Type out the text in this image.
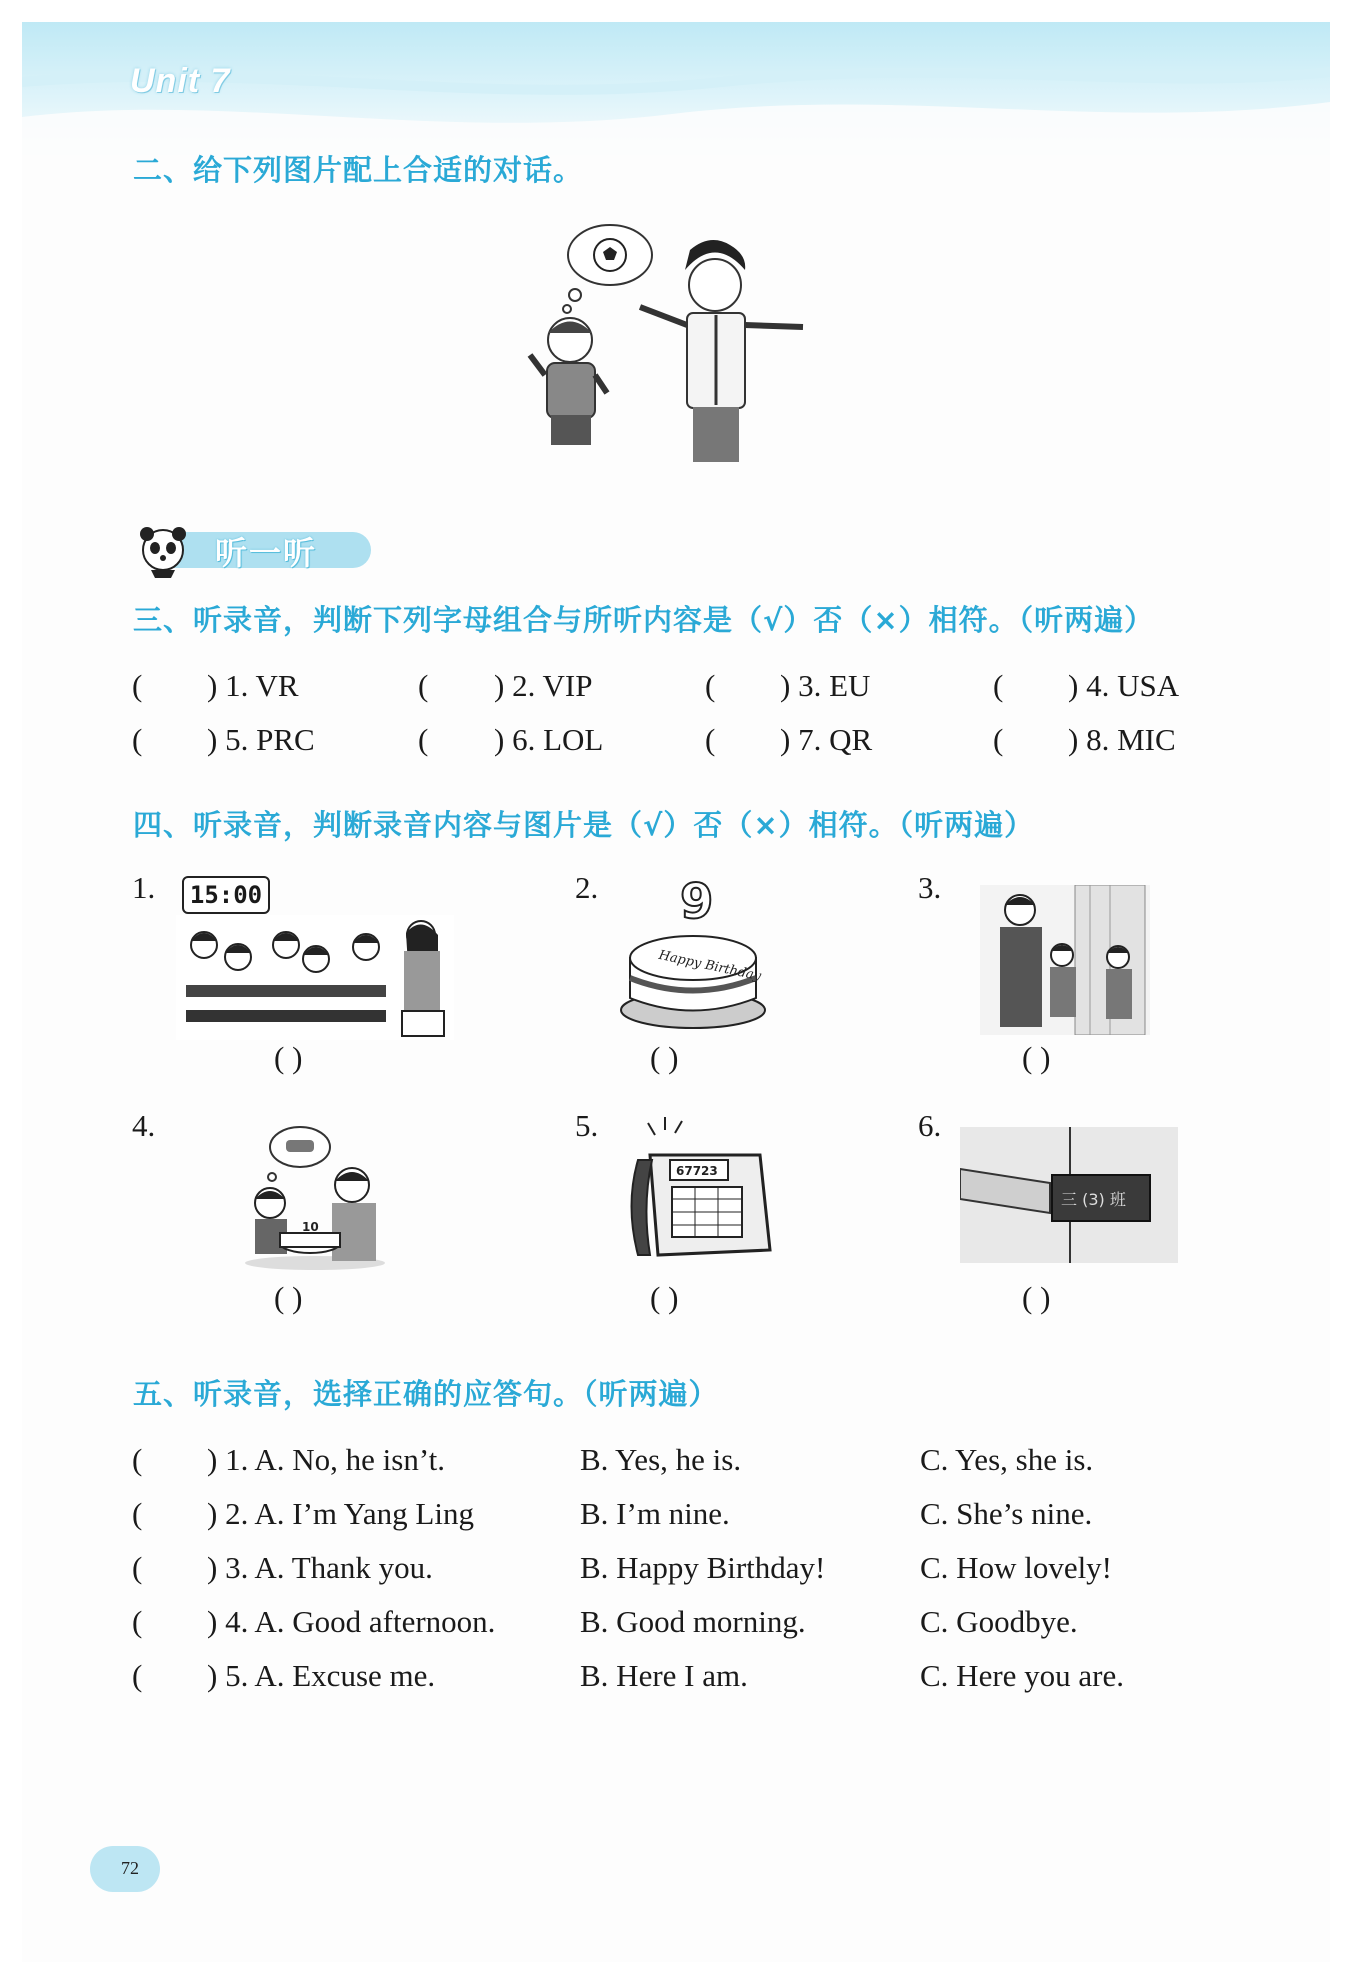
Unit 7
二、给下列图片配上合适的对话。
听一听
三、听录音，判断下列字母组合与所听内容是（√）否（×）相符。（听两遍）
( ) 1. VR	( ) 2. VIP	( ) 3. EU	( ) 4. USA
( ) 5. PRC	( ) 6. LOL	( ) 7. QR	( ) 8. MIC
四、听录音，判断录音内容与图片是（√）否（×）相符。（听两遍）
1.	15:00
( )
2. 9
Happy Birthday
( )
3.
( )
4.
10
( )
5.
67723
( )
6.
三 (3) 班
( )
五、听录音，选择正确的应答句。（听两遍）
( ) 1. A. No, he isn’t.	B. Yes, he is.	C. Yes, she is.
( ) 2. A. I’m Yang Ling	B. I’m nine.	C. She’s nine.
( ) 3. A. Thank you.	B. Happy Birthday!	C. How lovely!
( ) 4. A. Good afternoon.	B. Good morning.	C. Goodbye.
( ) 5. A. Excuse me.	B. Here I am.	C. Here you are.
72
